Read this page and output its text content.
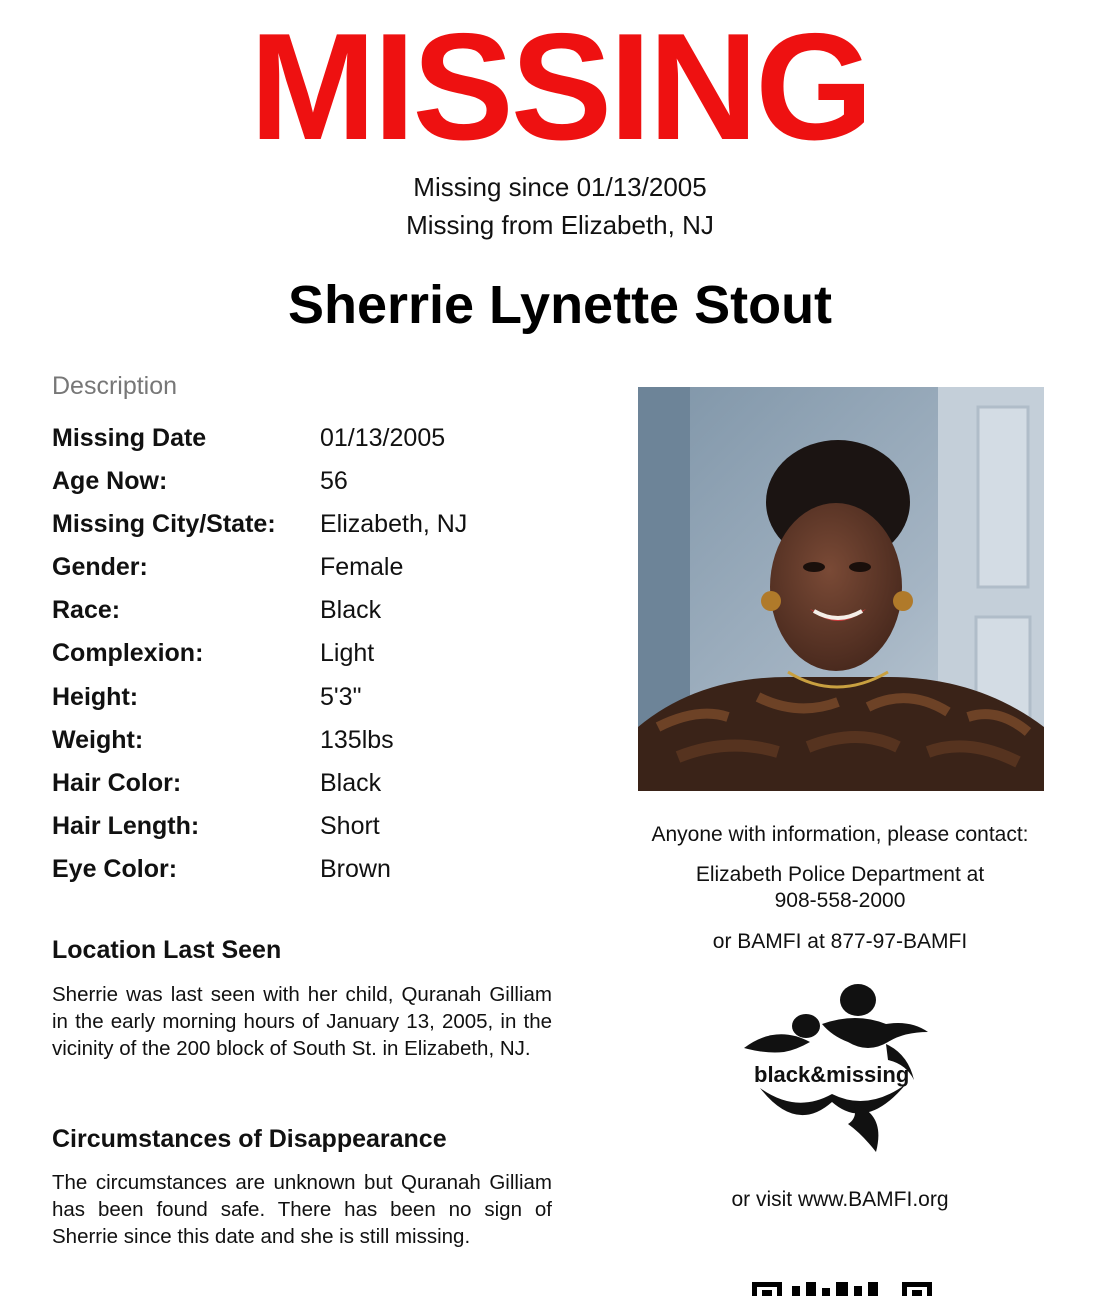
MISSING
Missing since 01/13/2005
Missing from Elizabeth, NJ
Sherrie Lynette Stout
Description
Missing Date	01/13/2005
Age Now:	56
Missing City/State: Elizabeth, NJ
Gender:	Female
Race:	Black
Complexion:	Light
Height:	5'3"
Weight:	135lbs
Hair Color:	Black
Hair Length:	Short
Eye Color:	Brown
Location Last Seen
Sherrie was last seen with her child, Quranah Gilliam in the early morning hours of January 13, 2005, in the vicinity of the 200 block of South St. in Elizabeth, NJ.
Circumstances of Disappearance
The circumstances are unknown but Quranah Gilliam has been found safe. There has been no sign of Sherrie since this date and she is still missing.
Anyone with information, please contact:
Elizabeth Police Department at
908-558-2000
or BAMFI at 877-97-BAMFI
black&missing
or visit www.BAMFI.org
